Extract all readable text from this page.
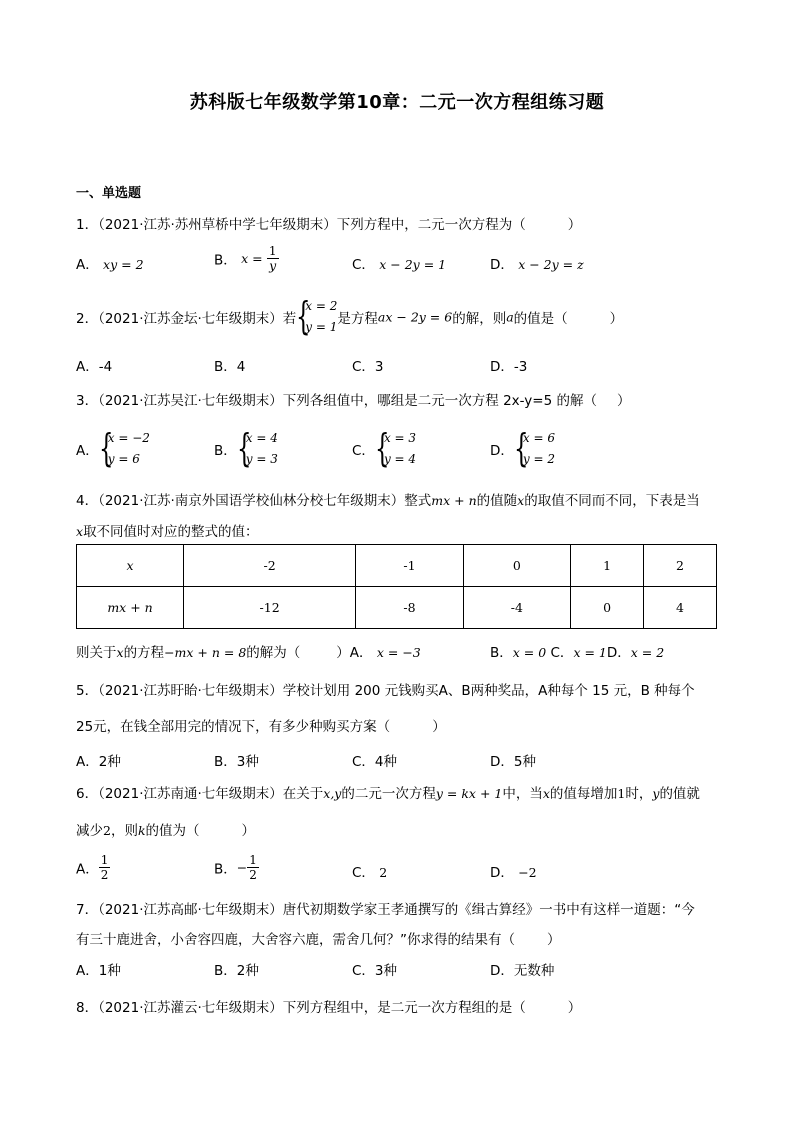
苏科版七年级数学第10章：二元一次方程组练习题
一、单选题
1．（2021·江苏·苏州草桥中学七年级期末）下列方程中，二元一次方程为（	）
A． xy = 2	B． $x = \frac{1}{y}$	C． x − 2y = 1	D． x − 2y = z
2．（2021·江苏金坛·七年级期末）若 {
x = 2
y = 1 是方程ax − 2y = 6的解，则a的值是（	）
A．-4	B．4	C．3	D．-3
3．（2021·江苏吴江·七年级期末）下列各组值中，哪组是二元一次方程 2x-y=5 的解（ ）
A． {
x = −2
y = 6	B． {
x = 4
y = 3	C． {
x = 3
y = 4	D． {
x = 6
y = 2
4．（2021·江苏·南京外国语学校仙林分校七年级期末）整式mx + n的值随x的取值不同而不同，下表是当
x取不同值时对应的整式的值：
x	-2	-1	0	1	2
mx + n	-12	-8	-4	0	4
则关于x的方程−mx + n = 8的解为（	）A． x = −3	B．x = 0 C．x = 1D．x = 2
5．（2021·江苏盱眙·七年级期末）学校计划用 200 元钱购买A、B两种奖品，A种每个 15 元，B 种每个
25元，在钱全部用完的情况下，有多少种购买方案（	）
A．2种	B．3种	C．4种	D．5种
6．（2021·江苏南通·七年级期末）在关于x,y的二元一次方程y = kx + 1中，当x的值每增加1时，y的值就
减少2，则k的值为（	）
A． $\frac{1}{2}$	B．− $\frac{1}{2}$	C． 2	D． −2
7．（2021·江苏高邮·七年级期末）唐代初期数学家王孝通撰写的《缉古算经》一书中有这样一道题：“今
有三十鹿进舍，小舍容四鹿，大舍容六鹿，需舍几何？”你求得的结果有（ ）
A．1种	B．2种	C．3种	D．无数种
8．（2021·江苏灌云·七年级期末）下列方程组中，是二元一次方程组的是（	）
